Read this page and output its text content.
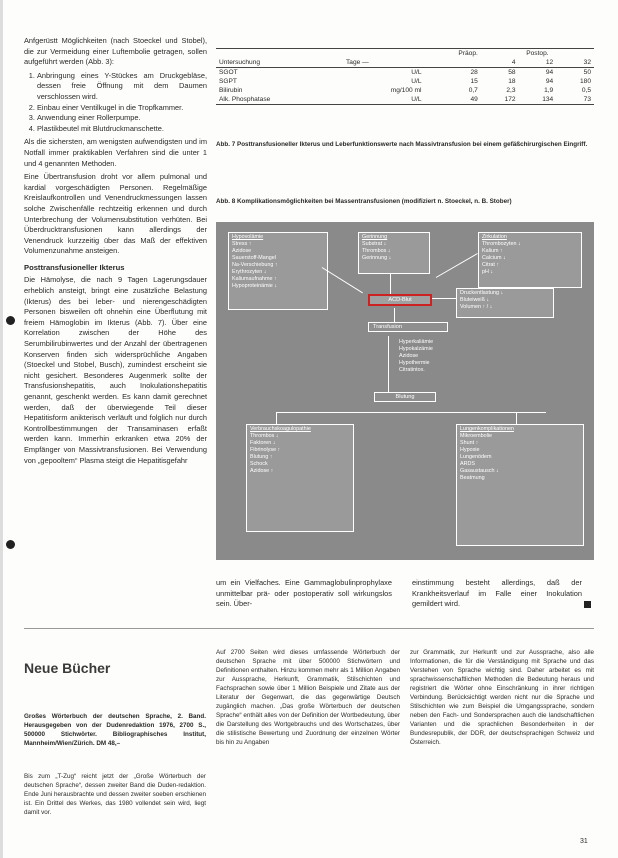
Anfgerüstt Möglichkeiten (nach Stoeckel und Stobel), die zur Vermeidung einer Luftembolie getragen, sollen aufgeführt werden (Abb. 3):

1. Anbringung eines Y-Stückes am Druckgebläse, dessen freie Öffnung mit dem Daumen verschlossen wird.
2. Einbau einer Ventilkugel in die Tropfkammer.
3. Anwendung einer Rollerpumpe.
4. Plastikbeutel mit Blutdruckmanschette.

Als die sichersten, am wenigsten aufwendigsten und im Notfall immer praktikablen Verfahren sind die unter 1 und 4 genannten Methoden.

Eine Übertransfusion droht vor allem pulmonal und kardial vorgeschädigten Personen. Regelmäßige Kreislaufkontrollen und Venendruckmessungen lassen solche Zwischenfälle rechtzeitig erkennen und durch Unterbrechung der Volumensubstitution verhüten. Bei Überdrucktransfusionen kann allerdings der Venendruck kurzzeitig über das Maß der effektiven Volumenzunahme ansteigen.

Posttransfusioneller Ikterus

Die Hämolyse, die nach 9 Tagen Lagerungsdauer erheblich ansteigt, bringt eine zusätzliche Belastung (Ikterus) des bei leber- und nierengeschädigten Personen bisweilen oft ohnehin eine Überflutung mit freiem Hämoglobin im Ikterus (Abb. 7). Über eine Korrelation zwischen der Höhe des Serumbilirubinwertes und der Anzahl der übertragenen Konserven finden sich widersprüchliche Angaben (Stoeckel und Stobel, Busch), zumindest erscheint sie nicht gesichert. Besonderes Augenmerk sollte der Transfusionshepatitis, auch Inokulationshepatitis genannt, geschenkt werden. Es kann damit gerechnet werden, daß der überwiegende Teil dieser Hepatitisform anikterisch verläuft und folglich nur durch Kontrollbestimmungen der Transaminasen erfaßt werden kann. Immerhin erkranken etwa 20% der Empfänger von Massivtransfusionen. Bei Verwendung von „gepooltem“ Plasma steigt die Hepatitisgefahr

		Präop.	Postop.		
Untersuchung	Tage —		4	12	32
SGOT	U/L	28	58	94	50
SGPT	U/L	15	18	94	180
Bilirubin	mg/100 ml	0,7	2,3	1,9	0,5
Alk. Phosphatase	U/L	49	172	134	73
Abb. 7 Posttransfusioneller Ikterus und Leberfunktionswerte nach Massivtransfusion bei einem gefäßchirurgischen Eingriff.
Abb. 8 Komplikationsmöglichkeiten bei Massentransfusionen (modifiziert n. Stoeckel, n. B. Stober)
Hypovolämie
Stress ↑
Azidose
Sauerstoff-Mangel
Na-Verschiebung ↑
Erythrozyten ↓
Kaliumaufnahme ↑
Hypoproteinämie ↓
Gerinnung
Substrat ↓
Thrombos ↓
Gerinnung ↓
Zirkulation
Thrombozyten ↓
Kalium ↑
Calcium ↓
Citrat ↑
pH ↓
Druckentlastung ↓
Bluteiweiß ↓
Volumen ↑ / ↓
ACD-Blut
Transfusion
Hyperkaliämie
Hypokalzämie
Azidose
Hypothermie
Citratintox.
Blutung
Verbrauchskoagulopathie
Thrombos ↓
Faktoren ↓
Fibrinolyse ↑
Blutung ↑
Schock
Azidose ↑
Lungenkomplikationen
Mikroembolie
Shunt ↑
Hypoxie
Lungenödem
ARDS
Gasaustausch ↓
Beatmung
um ein Vielfaches. Eine Gammaglobulinprophylaxe unmittelbar prä- oder postoperativ soll wirkungslos sein. Über-
einstimmung besteht allerdings, daß der Krankheitsverlauf im Falle einer Inokulation gemildert wird.
Neue Bücher
Großes Wörterbuch der deutschen Sprache, 2. Band. Herausgegeben von der Dudenredaktion 1976, 2700 S., 500000 Stichwörter. Bibliographisches Institut, Mannheim/Wien/Zürich. DM 48,–
Bis zum „T-Zug“ reicht jetzt der „Große Wörterbuch der deutschen Sprache“, dessen zweiter Band die Duden-redaktion. Ende Juni herausbrachte und dessen zweiter soeben erschienen ist. Ein Drittel des Werkes, das 1980 vollendet sein wird, liegt damit vor.
Auf 2700 Seiten wird dieses umfassende Wörterbuch der deutschen Sprache mit über 500000 Stichwörtern und Definitionen enthalten. Hinzu kommen mehr als 1 Million Angaben zur Aussprache, Herkunft, Grammatik, Stilschichten und Fachsprachen sowie über 1 Million Beispiele und Zitate aus der Literatur der Gegenwart, die das gegenwärtige Deutsch zugänglich machen. „Das große Wörterbuch der deutschen Sprache“ enthält alles von der Definition der Wortbedeutung, über die Darstellung des Wortgebrauchs und des Wortschatzes, über die stilistische Bewertung und Zuordnung der einzelnen Wörter bis hin zu Angaben
zur Grammatik, zur Herkunft und zur Aussprache, also alle Informationen, die für die Verständigung mit Sprache und das Verstehen von Sprache wichtig sind. Daher arbeitet es mit sprachwissenschaftlichen Methoden die Bedeutung heraus und registriert die Wörter ohne Einschränkung in ihrer richtigen Verbindung. Berücksichtigt werden nicht nur die Sprache und Stilschichten wie zum Beispiel die Umgangssprache, sondern neben den Fach- und Sondersprachen auch die landschaftlichen Varianten und die sprachlichen Besonderheiten in der Bundesrepublik, der DDR, der deutschsprachigen Schweiz und Österreich.
31
